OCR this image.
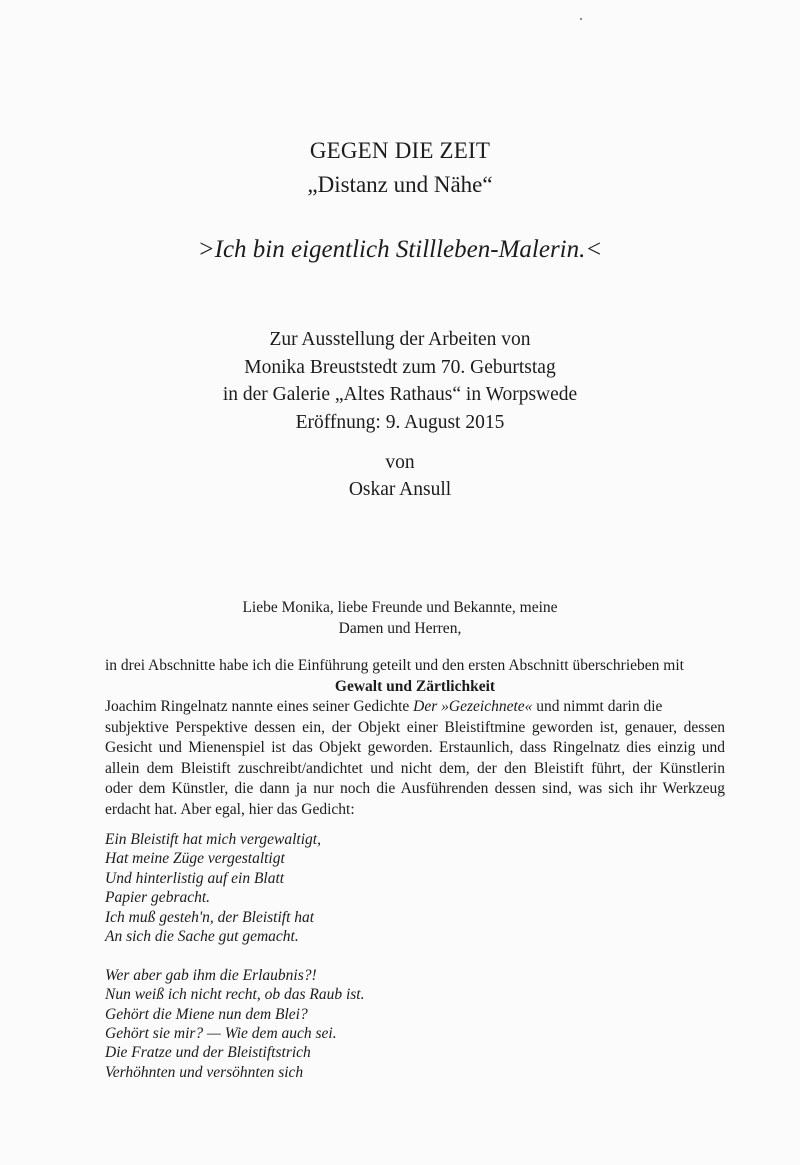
GEGEN DIE ZEIT
„Distanz und Nähe“
>Ich bin eigentlich Stillleben-Malerin.<
Zur Ausstellung der Arbeiten von
Monika Breuststedt zum 70. Geburtstag
in der Galerie „Altes Rathaus“ in Worpswede
Eröffnung: 9. August 2015
von
Oskar Ansull
Liebe Monika, liebe Freunde und Bekannte, meine
Damen und Herren,
in drei Abschnitte habe ich die Einführung geteilt und den ersten Abschnitt überschrieben mit
Gewalt und Zärtlichkeit
Joachim Ringelnatz nannte eines seiner Gedichte Der »Gezeichnete« und nimmt darin die
subjektive Perspektive dessen ein, der Objekt einer Bleistiftmine geworden ist, genauer, dessen
Gesicht und Mienenspiel ist das Objekt geworden. Erstaunlich, dass Ringelnatz dies einzig und
allein dem Bleistift zuschreibt/andichtet und nicht dem, der den Bleistift führt, der Künstlerin
oder dem Künstler, die dann ja nur noch die Ausführenden dessen sind, was sich ihr Werkzeug
erdacht hat. Aber egal, hier das Gedicht:
Ein Bleistift hat mich vergewaltigt,
Hat meine Züge vergestaltigt
Und hinterlistig auf ein Blatt
Papier gebracht.
Ich muß gesteh'n, der Bleistift hat
An sich die Sache gut gemacht.
Wer aber gab ihm die Erlaubnis?!
Nun weiß ich nicht recht, ob das Raub ist.
Gehört die Miene nun dem Blei?
Gehört sie mir? — Wie dem auch sei.
Die Fratze und der Bleistiftstrich
Verhöhnten und versöhnten sich
